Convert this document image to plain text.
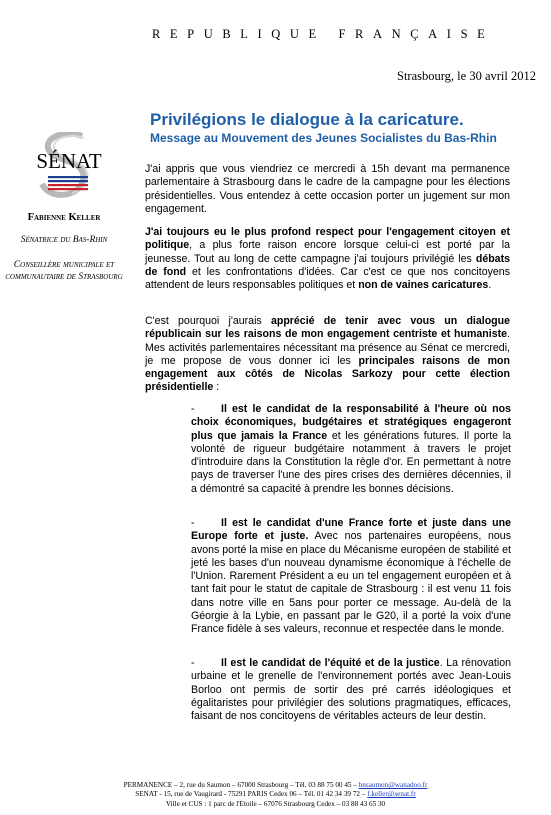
REPUBLIQUE FRANÇAISE
Strasbourg, le 30 avril 2012
Privilégions le dialogue à la caricature.
Message au Mouvement des Jeunes Socialistes du Bas-Rhin
SÉNAT
Fabienne Keller
Sénatrice du Bas-Rhin
Conseillère municipale et communautaire de Strasbourg

J'ai appris que vous viendriez ce mercredi à 15h devant ma permanence parlementaire à Strasbourg dans le cadre de la campagne pour les élections présidentielles. Vous entendez à cette occasion porter un jugement sur mon engagement.

J'ai toujours eu le plus profond respect pour l'engagement citoyen et politique, a plus forte raison encore lorsque celui-ci est porté par la jeunesse. Tout au long de cette campagne j'ai toujours privilégié les débats de fond et les confrontations d'idées. Car c'est ce que nos concitoyens attendent de leurs responsables politiques et non de vaines caricatures.

C'est pourquoi j'aurais apprécié de tenir avec vous un dialogue républicain sur les raisons de mon engagement centriste et humaniste. Mes activités parlementaires nécessitant ma présence au Sénat ce mercredi, je me propose de vous donner ici les principales raisons de mon engagement aux côtés de Nicolas Sarkozy pour cette élection présidentielle :

- Il est le candidat de la responsabilité à l'heure où nos choix économiques, budgétaires et stratégiques engageront plus que jamais la France et les générations futures. Il porte la volonté de rigueur budgétaire notamment à travers le projet d'introduire dans la Constitution la règle d'or. En permettant à notre pays de traverser l'une des pires crises des dernières décennies, il a démontré sa capacité à prendre les bonnes décisions.

- Il est le candidat d'une France forte et juste dans une Europe forte et juste. Avec nos partenaires européens, nous avons porté la mise en place du Mécanisme européen de stabilité et jeté les bases d'un nouveau dynamisme économique à l'échelle de l'Union. Rarement Président a eu un tel engagement européen et à tant fait pour le statut de capitale de Strasbourg : il est venu 11 fois dans notre ville en 5ans pour porter ce message. Au-delà de la Géorgie à la Lybie, en passant par le G20, il a porté la voix d'une France fidèle à ses valeurs, reconnue et respectée dans le monde.

- Il est le candidat de l'équité et de la justice. La rénovation urbaine et le grenelle de l'environnement portés avec Jean-Louis Borloo ont permis de sortir des pré carrés idéologiques et égalitaristes pour privilégier des solutions pragmatiques, efficaces, faisant de nos concitoyens de véritables acteurs de leur destin.

PERMANENCE – 2, rue du Saumon – 67000 Strasbourg – Tél. 03 88 75 00 45 – bnsaumon@wanadoo.fr
SENAT - 15, rue de Vaugirard - 75291 PARIS Cedex 06 – Tél. 01 42 34 39 72 – f.keller@senat.fr
Ville et CUS : 1 parc de l'Etoile – 67076 Strasbourg Cedex – 03 88 43 65 30
